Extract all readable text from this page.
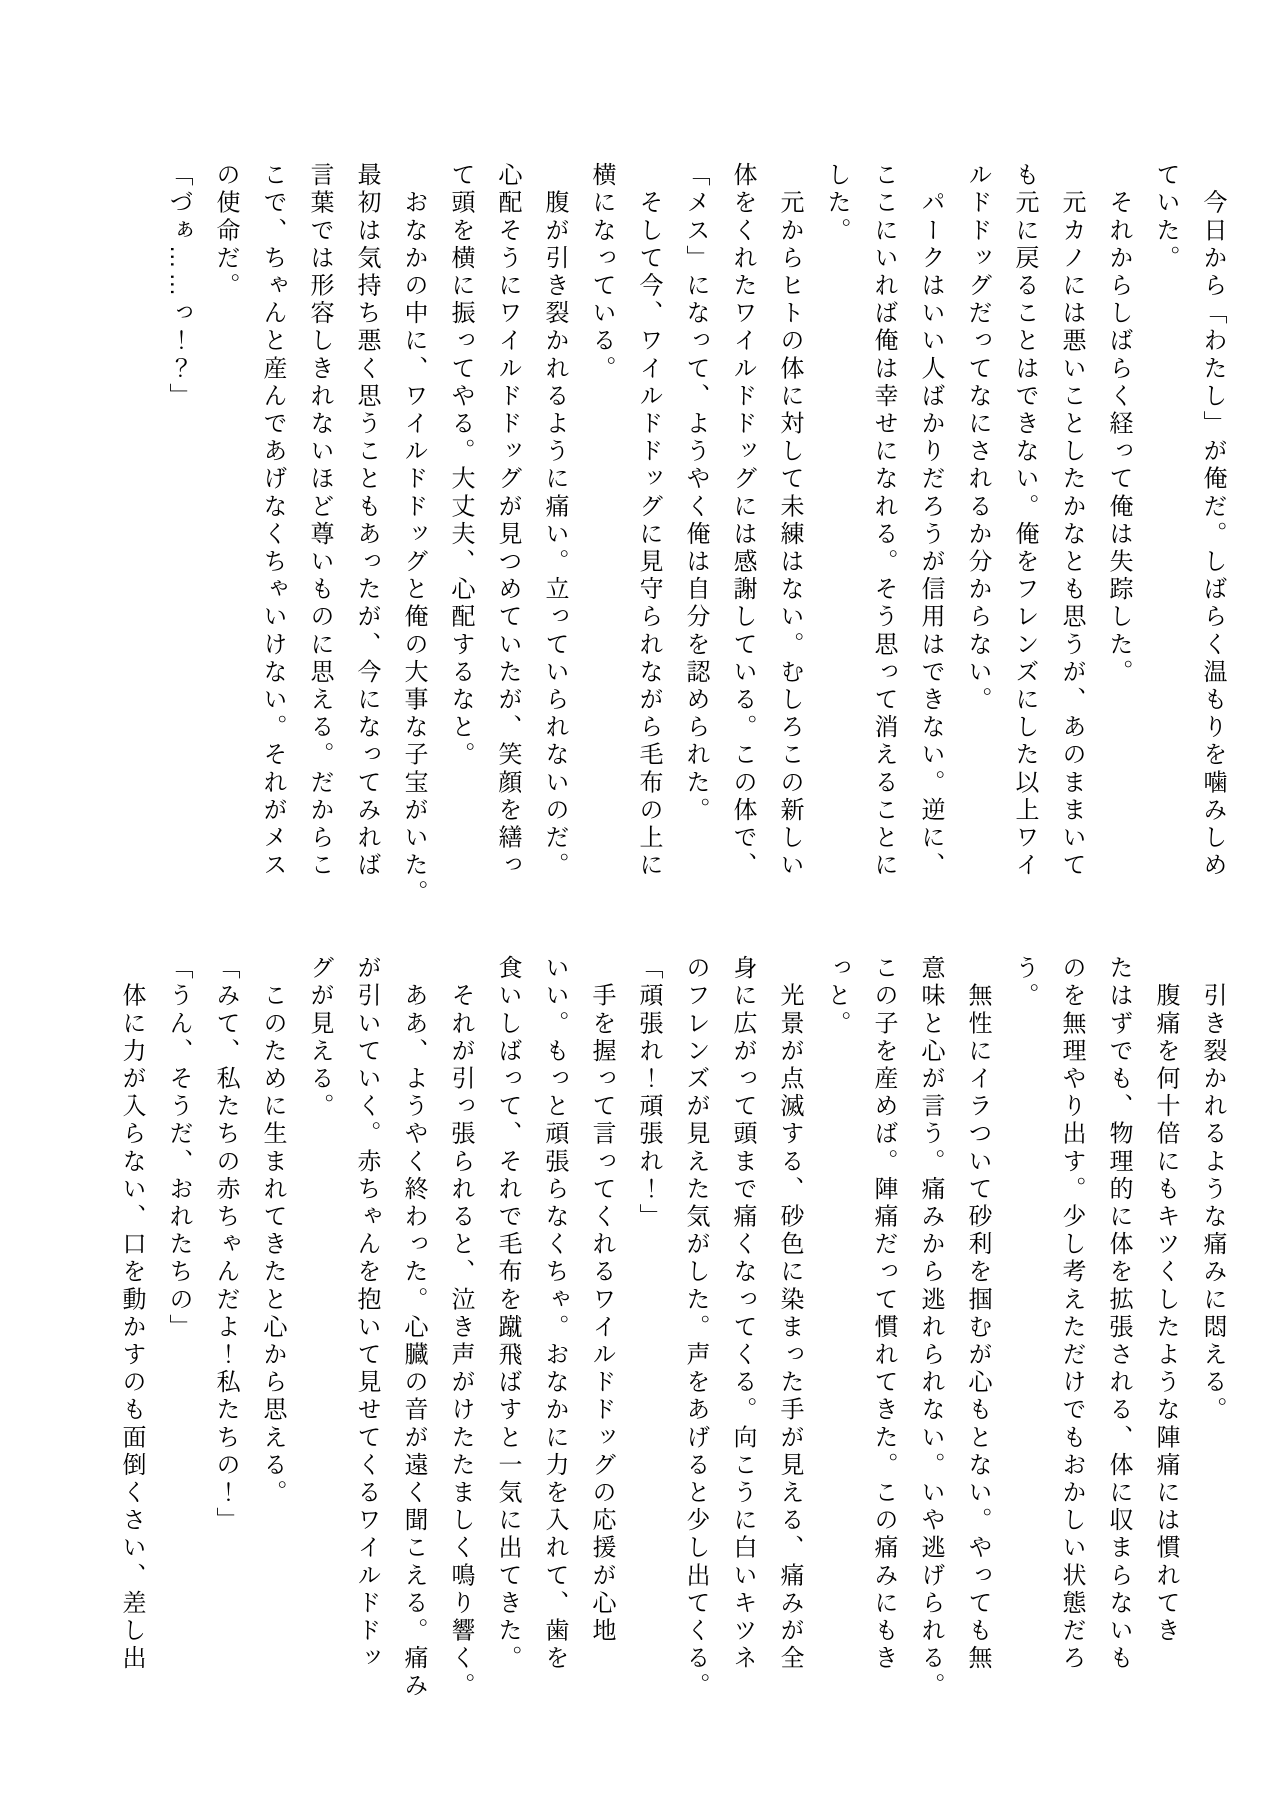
　今日から「わたし」が俺だ。しばらく温もりを噛みしめ
ていた。
　それからしばらく経って俺は失踪した。
　元カノには悪いことしたかなとも思うが、あのままいて
も元に戻ることはできない。俺をフレンズにした以上ワイ
ルドドッグだってなにされるか分からない。
　パークはいい人ばかりだろうが信用はできない。逆に、
ここにいれば俺は幸せになれる。そう思って消えることに
した。
　元からヒトの体に対して未練はない。むしろこの新しい
体をくれたワイルドドッグには感謝している。この体で、
「メス」になって、ようやく俺は自分を認められた。
　そして今、ワイルドドッグに見守られながら毛布の上に
横になっている。
　腹が引き裂かれるように痛い。立っていられないのだ。
心配そうにワイルドドッグが見つめていたが、笑顔を繕っ
て頭を横に振ってやる。大丈夫、心配するなと。
　おなかの中に、ワイルドドッグと俺の大事な子宝がいた。
最初は気持ち悪く思うこともあったが、今になってみれば
言葉では形容しきれないほど尊いものに思える。だからこ
こで、ちゃんと産んであげなくちゃいけない。それがメス
の使命だ。
「づぁ……っ！？」
　引き裂かれるような痛みに悶える。
　腹痛を何十倍にもキツくしたような陣痛には慣れてき
たはずでも、物理的に体を拡張される、体に収まらないも
のを無理やり出す。少し考えただけでもおかしい状態だろ
う。
　無性にイラついて砂利を掴むが心もとない。やっても無
意味と心が言う。痛みから逃れられない。いや逃げられる。
この子を産めば。陣痛だって慣れてきた。この痛みにもき
っと。
　光景が点滅する、砂色に染まった手が見える、痛みが全
身に広がって頭まで痛くなってくる。向こうに白いキツネ
のフレンズが見えた気がした。声をあげると少し出てくる。
「頑張れ！頑張れ！」
　手を握って言ってくれるワイルドドッグの応援が心地
いい。もっと頑張らなくちゃ。おなかに力を入れて、歯を
食いしばって、それで毛布を蹴飛ばすと一気に出てきた。
　それが引っ張られると、泣き声がけたたましく鳴り響く。
　ああ、ようやく終わった。心臓の音が遠く聞こえる。痛み
が引いていく。赤ちゃんを抱いて見せてくるワイルドドッ
グが見える。
　このために生まれてきたと心から思える。
「みて、私たちの赤ちゃんだよ！私たちの！」
「うん、そうだ、おれたちの」
　体に力が入らない、口を動かすのも面倒くさい、差し出
